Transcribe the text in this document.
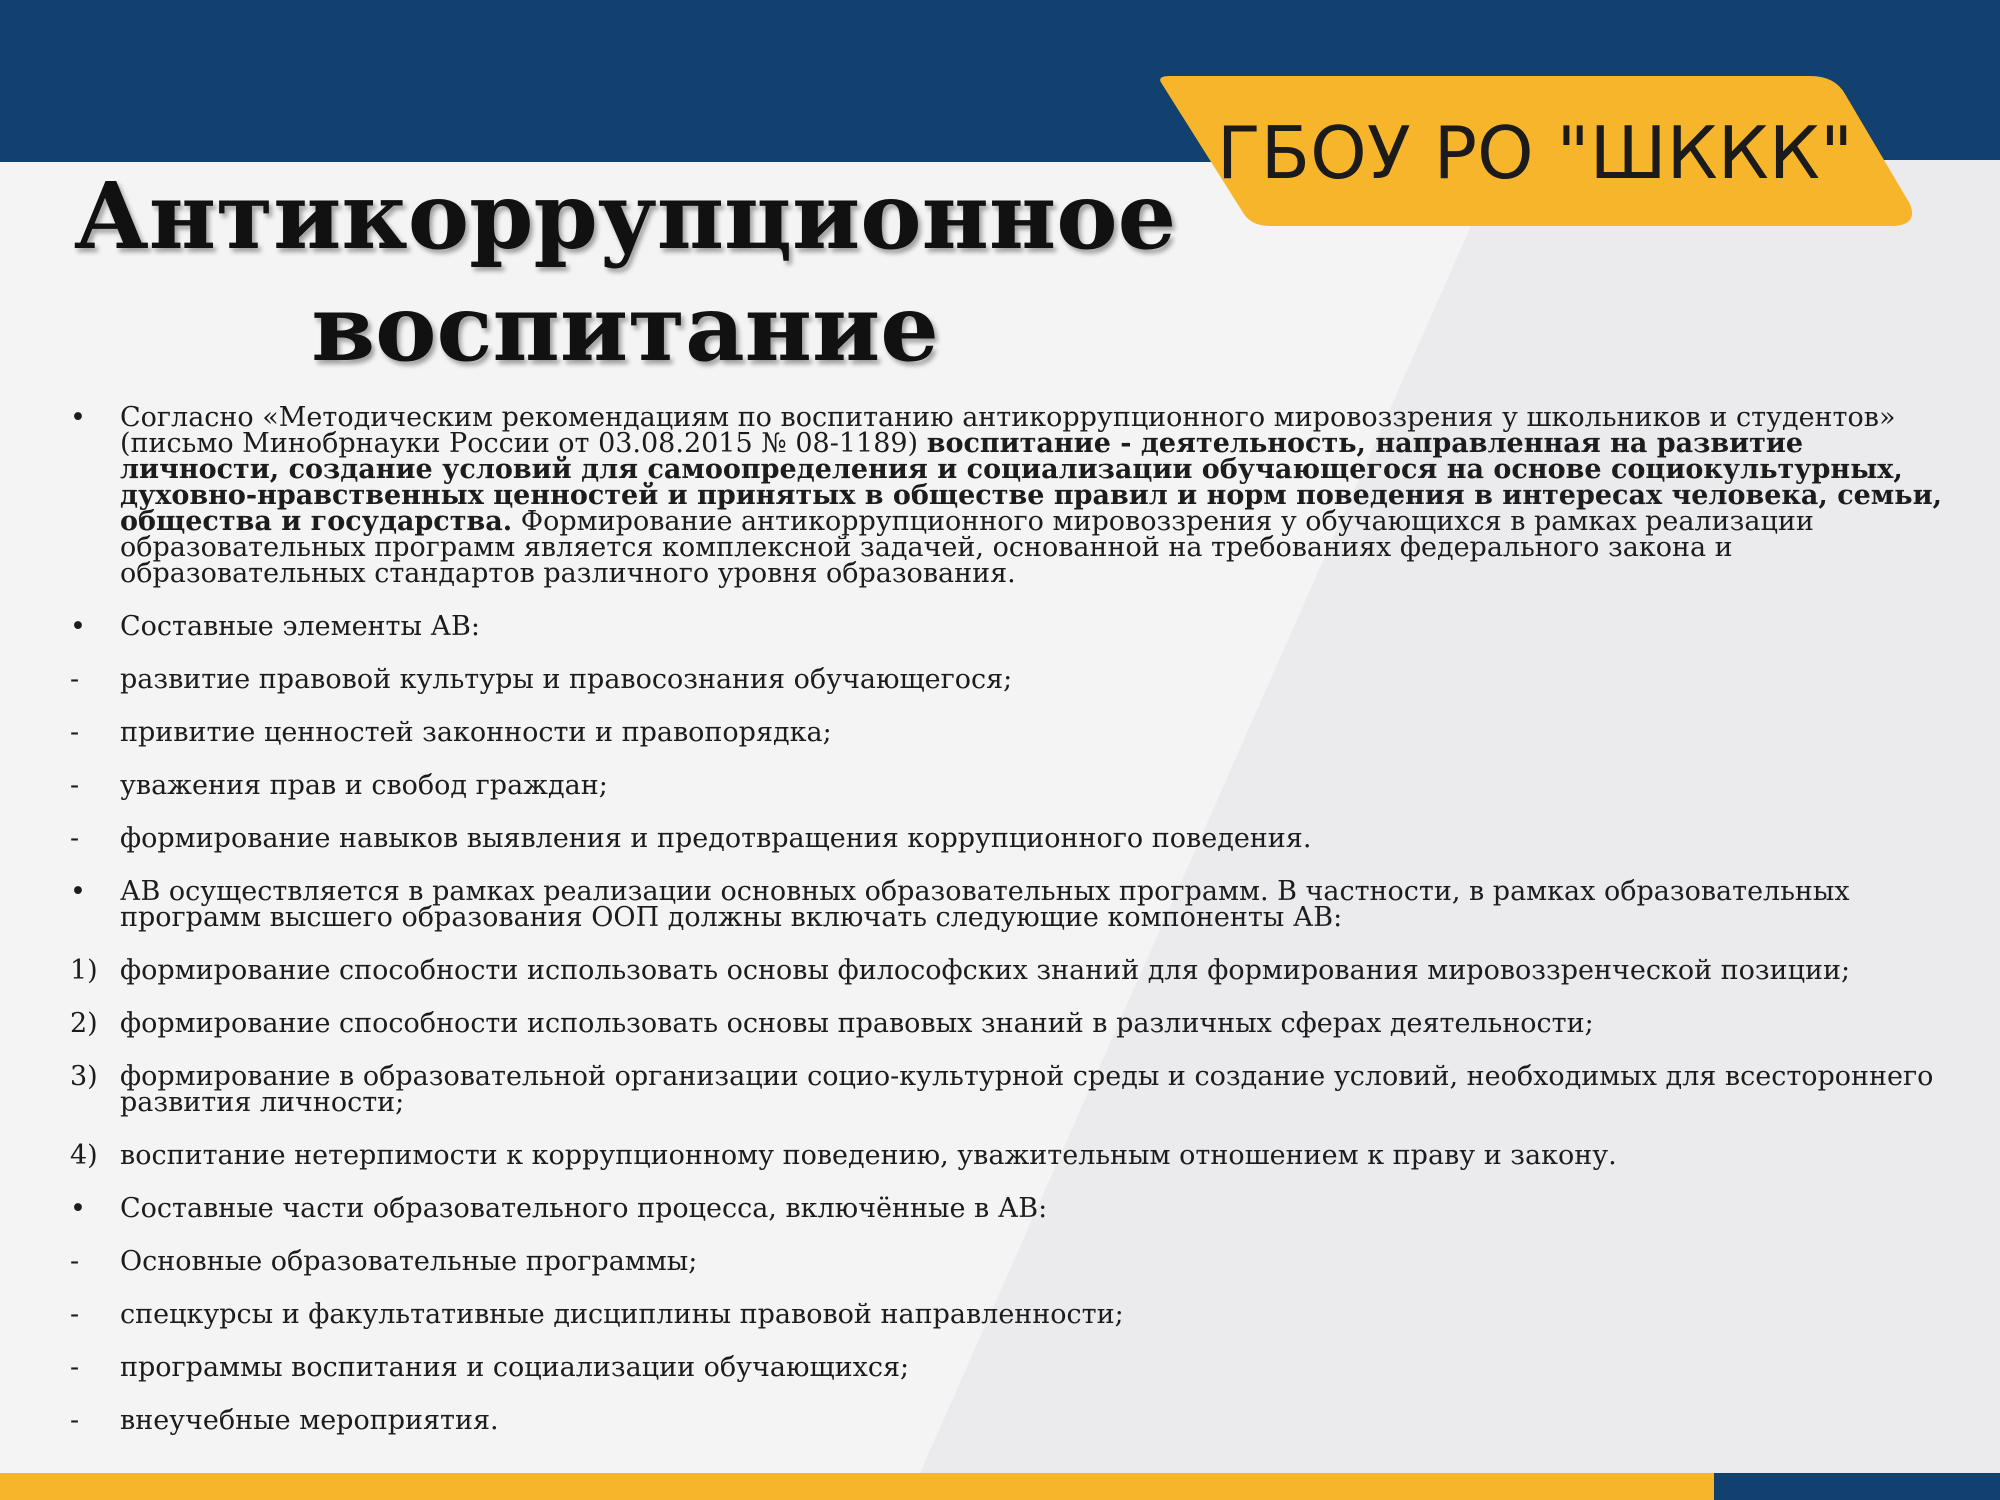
ГБОУ РО "ШККК"
Антикоррупционное
воспитание
•	Согласно «Методическим рекомендациям по воспитанию антикоррупционного мировоззрения у школьников и студентов» (письмо Минобрнауки России от 03.08.2015 № 08-1189) воспитание - деятельность, направленная на развитие личности, создание условий для самоопределения и социализации обучающегося на основе социокультурных, духовно-нравственных ценностей и принятых в обществе правил и норм поведения в интересах человека, семьи, общества и государства. Формирование антикоррупционного мировоззрения у обучающихся в рамках реализации образовательных программ является комплексной задачей, основанной на требованиях федерального закона и образовательных стандартов различного уровня образования.
•	Составные элементы АВ:
-	развитие правовой культуры и правосознания обучающегося;
-	привитие ценностей законности и правопорядка;
-	уважения прав и свобод граждан;
-	формирование навыков выявления и предотвращения коррупционного поведения.
•	АВ осуществляется в рамках реализации основных образовательных программ. В частности, в рамках образовательных программ высшего образования ООП должны включать следующие компоненты АВ:
1) формирование способности использовать основы философских знаний для формирования мировоззренческой позиции;
2) формирование способности использовать основы правовых знаний в различных сферах деятельности;
3) формирование в образовательной организации социо-культурной среды и создание условий, необходимых для всестороннего развития личности;
4) воспитание нетерпимости к коррупционному поведению, уважительным отношением к праву и закону.
•	Составные части образовательного процесса, включённые в АВ:
-	Основные образовательные программы;
-	спецкурсы и факультативные дисциплины правовой направленности;
-	программы воспитания и социализации обучающихся;
-	внеучебные мероприятия.
